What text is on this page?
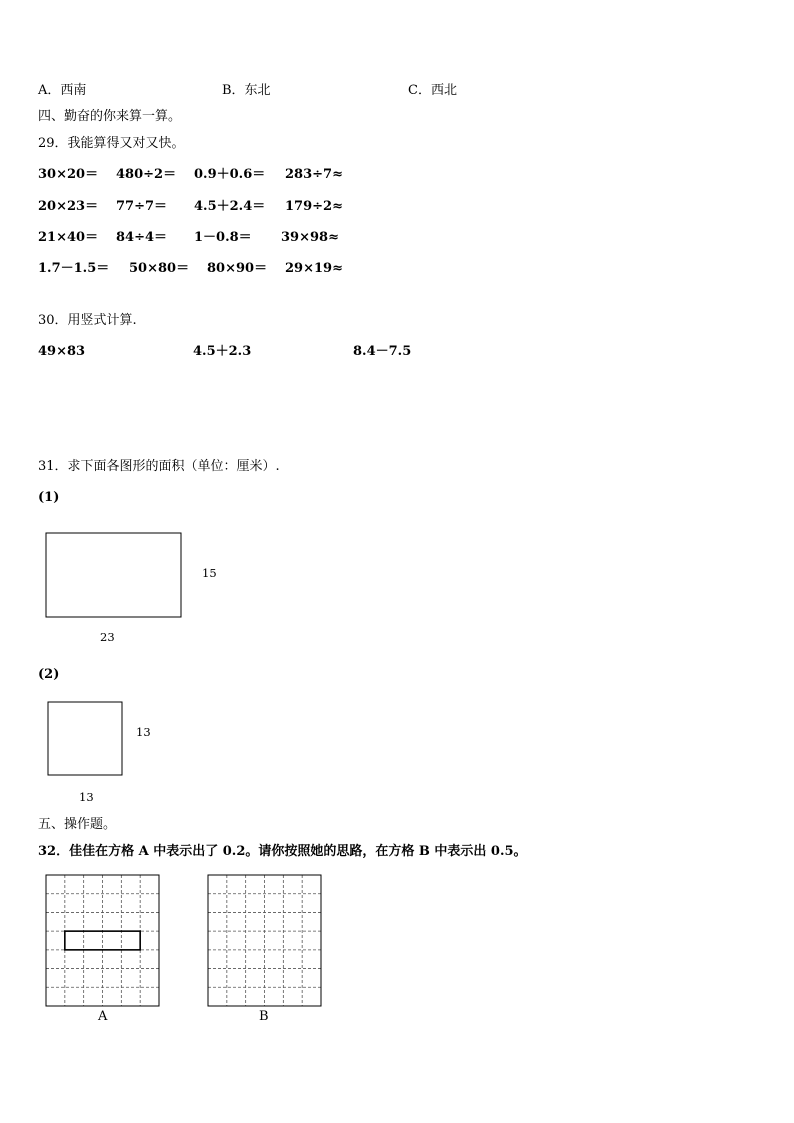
A．西南	B．东北	C．西北
四、勤奋的你来算一算。
29．我能算得又对又快。
30×20＝ 480÷2＝ 0.9＋0.6＝ 283÷7≈
20×23＝ 77÷7＝ 4.5＋2.4＝ 179÷2≈
21×40＝ 84÷4＝ 1－0.8＝ 39×98≈
1.7－1.5＝ 50×80＝ 80×90＝ 29×19≈
30．用竖式计算.
49×83	4.5＋2.3	8.4－7.5
31．求下面各图形的面积（单位：厘米）.
(1)
15
23
(2)
13
13
五、操作题。
32．佳佳在方格 A 中表示出了 0.2。请你按照她的思路，在方格 B 中表示出 0.5。
A	B
